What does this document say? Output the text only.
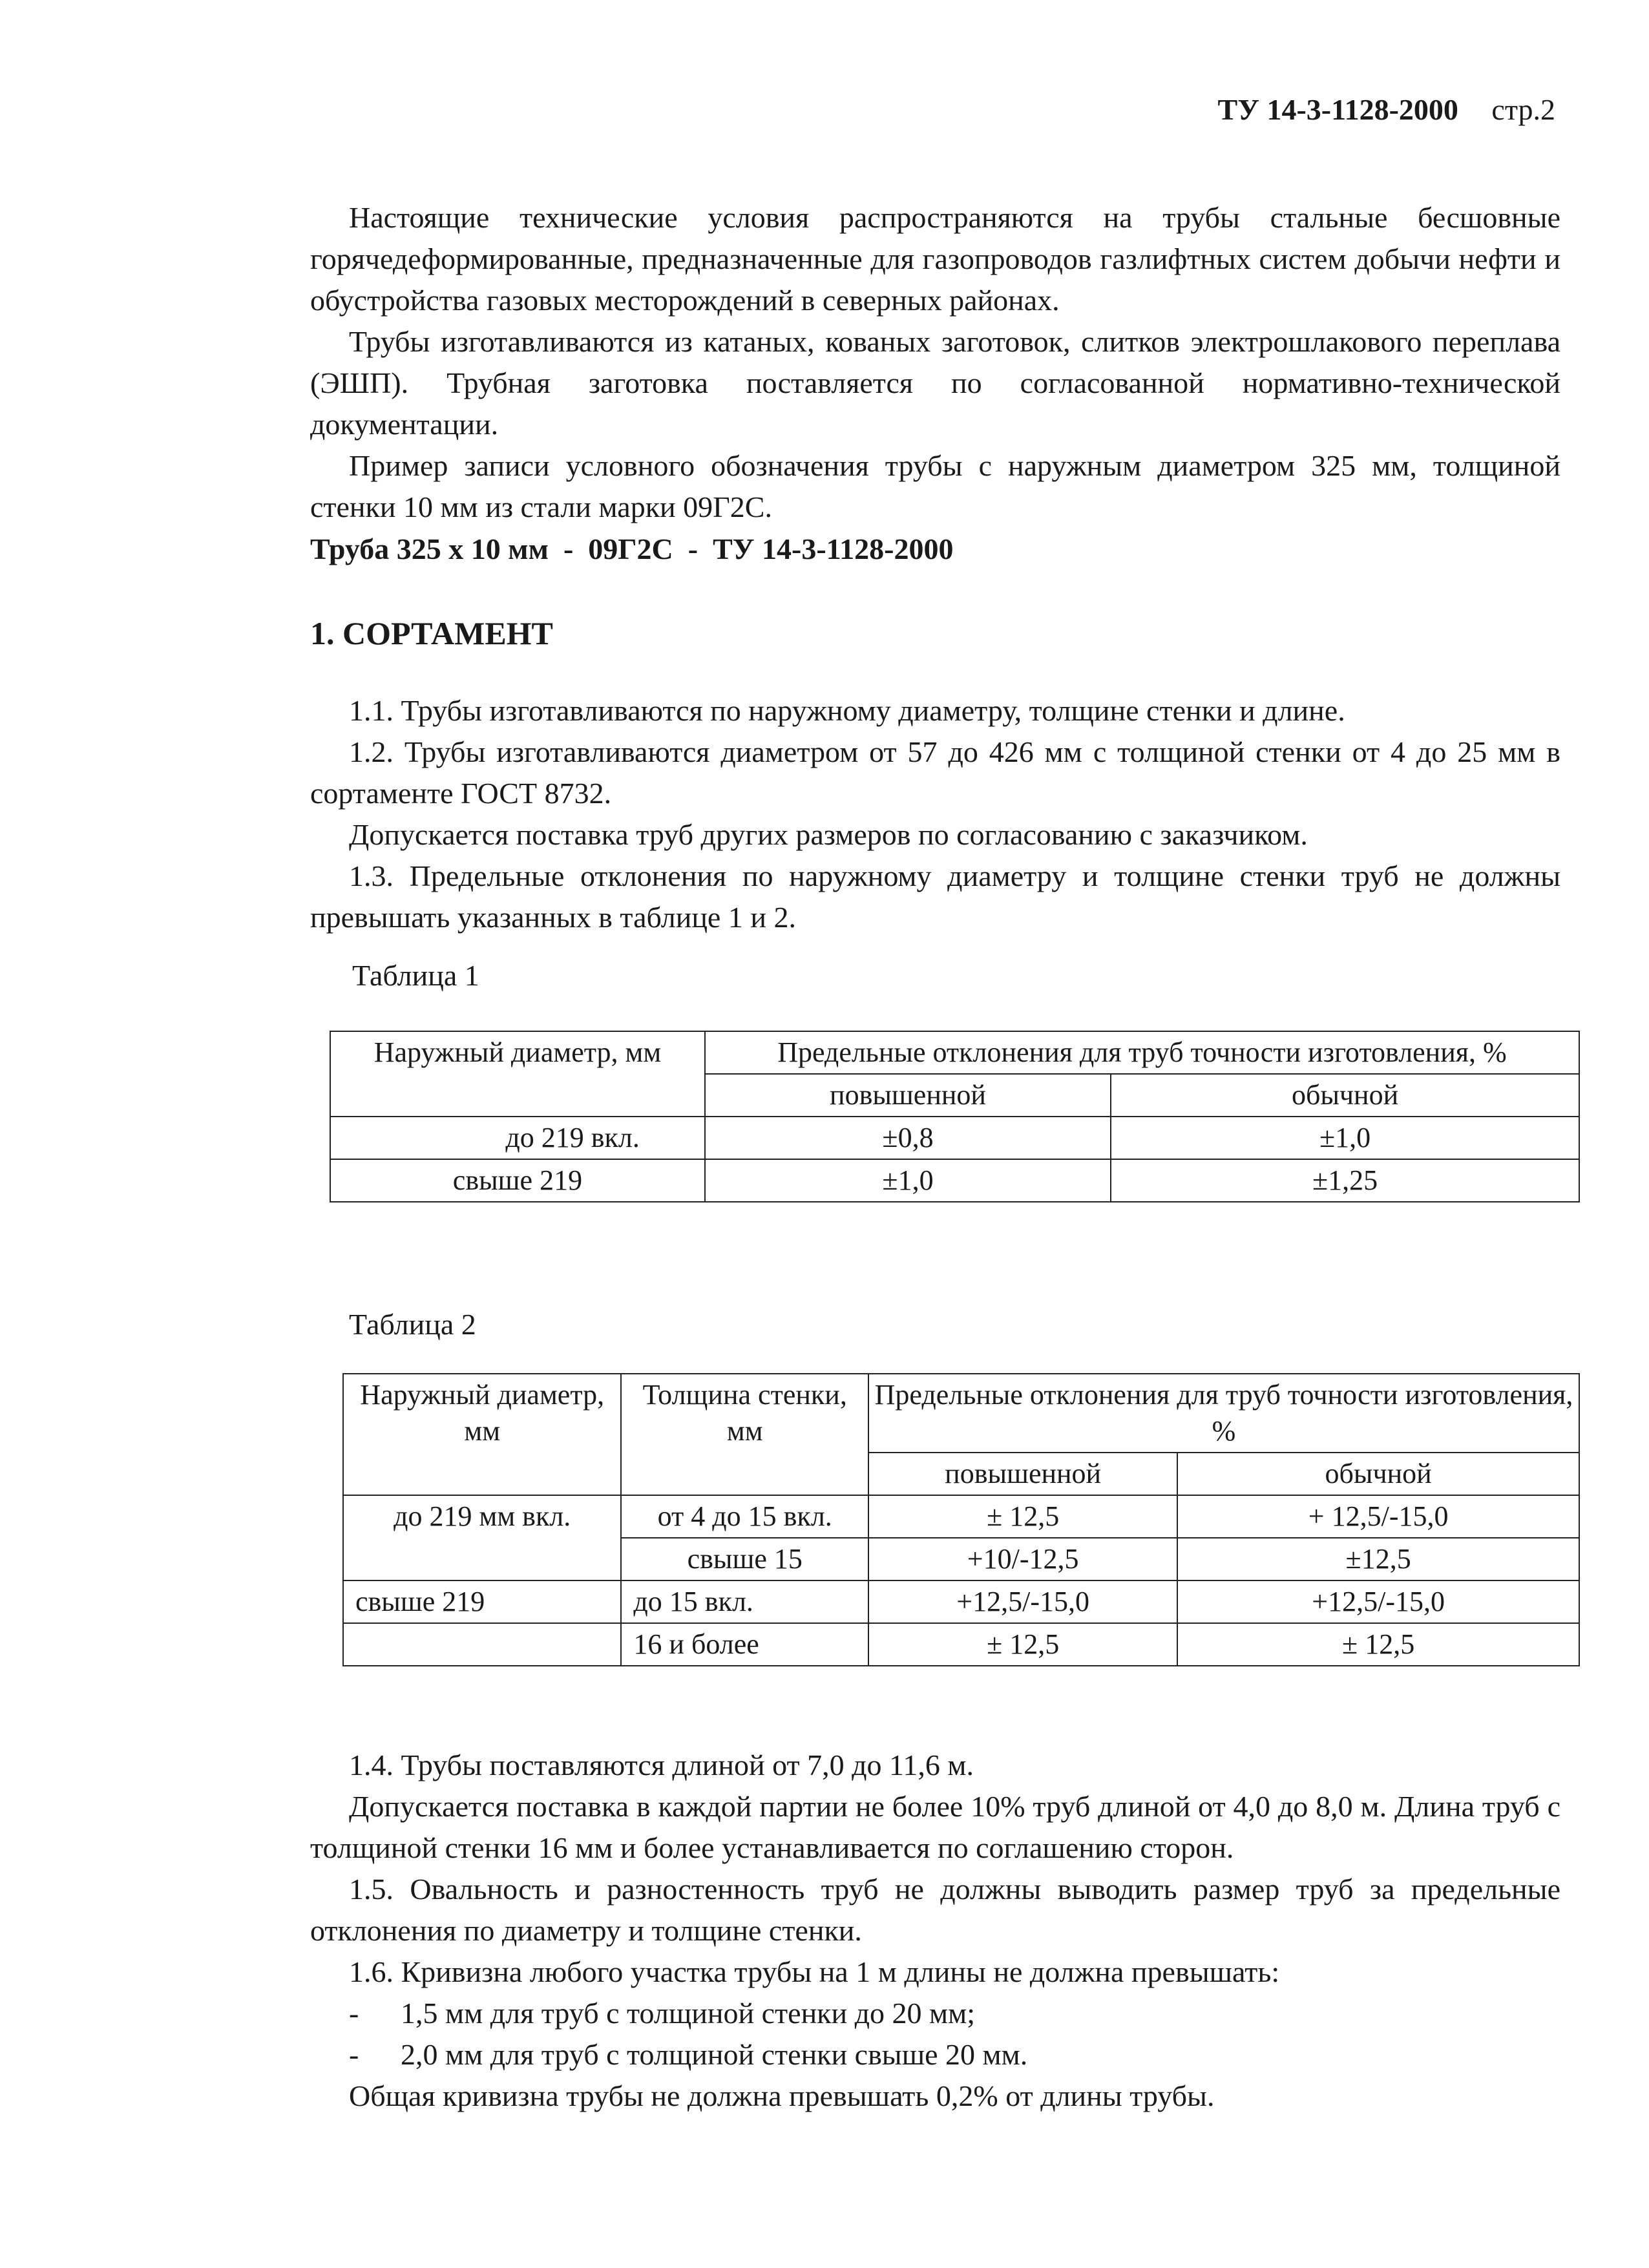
ТУ 14-3-1128-2000 стр.2

Настоящие технические условия распространяются на трубы стальные бесшовные горячедеформированные, предназначенные для газопроводов газлифтных систем добычи нефти и обустройства газовых месторождений в северных районах.

Трубы изготавливаются из катаных, кованых заготовок, слитков электрошлакового переплава (ЭШП). Трубная заготовка поставляется по согласованной нормативно-технической документации.

Пример записи условного обозначения трубы с наружным диаметром 325 мм, толщиной стенки 10 мм из стали марки 09Г2С.

Труба 325 х 10 мм  -  09Г2С  -  ТУ 14-3-1128-2000
1. СОРТАМЕНТ

1.1. Трубы изготавливаются по наружному диаметру, толщине стенки и длине.

1.2. Трубы изготавливаются диаметром от 57 до 426 мм с толщиной стенки от 4 до 25 мм в сортаменте ГОСТ 8732.

Допускается поставка труб других размеров по согласованию с заказчиком.

1.3. Предельные отклонения по наружному диаметру и толщине стенки труб не должны превышать указанных в таблице 1 и 2.

Таблица 1
Наружный диаметр, мм	Предельные отклонения для труб точности изготовления, %	
	повышенной	обычной
до 219 вкл.	±0,8	±1,0
свыше 219	±1,0	±1,25
Таблица 2
Наружный диаметр, мм	Толщина стенки, мм	Предельные отклонения для труб точности изготовления, %	
		повышенной	обычной
до 219 мм вкл.	от 4 до 15 вкл.	± 12,5	+ 12,5/-15,0
	свыше 15	+10/-12,5	±12,5
свыше 219	до 15 вкл.	+12,5/-15,0	+12,5/-15,0
	16 и более	± 12,5	± 12,5

1.4. Трубы поставляются длиной от 7,0 до 11,6 м.

Допускается поставка в каждой партии не более 10% труб длиной от 4,0 до 8,0 м. Длина труб с толщиной стенки 16 мм и более устанавливается по соглашению сторон.

1.5. Овальность и разностенность труб не должны выводить размер труб за предельные отклонения по диаметру и толщине стенки.

1.6. Кривизна любого участка трубы на 1 м длины не должна превышать:

- 1,5 мм для труб с толщиной стенки до 20 мм;

- 2,0 мм для труб с толщиной стенки свыше 20 мм.

Общая кривизна трубы не должна превышать 0,2% от длины трубы.
